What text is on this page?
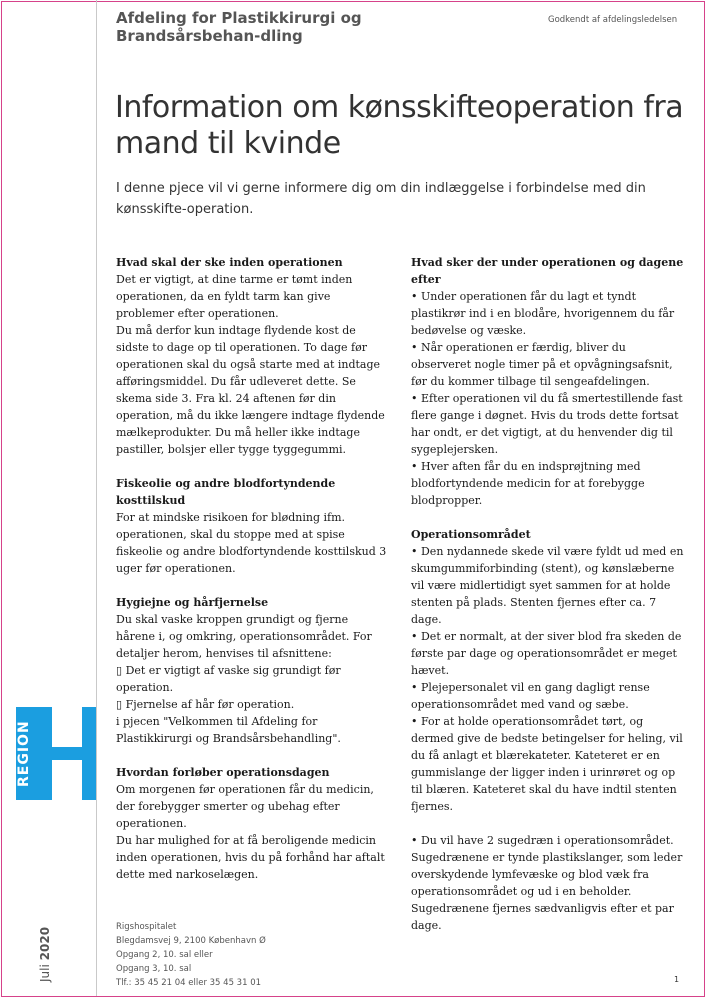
Afdeling for Plastikkirurgi og Brandsårsbehan-dling
Godkendt af afdelingsledelsen
Information om kønsskifteoperation fra mand til kvinde
I denne pjece vil vi gerne informere dig om din indlæggelse i forbindelse med din kønsskifte-operation.
Hvad skal der ske inden operationen
Det er vigtigt, at dine tarme er tømt inden operationen, da en fyldt tarm kan give problemer efter operationen.
Du må derfor kun indtage flydende kost de sidste to dage op til operationen. To dage før operationen skal du også starte med at indtage afføringsmiddel. Du får udleveret dette. Se skema side 3. Fra kl. 24 aftenen før din operation, må du ikke længere indtage flydende mælkeprodukter. Du må heller ikke indtage pastiller, bolsjer eller tygge tyggegummi.
Fiskeolie og andre blodfortyndende kosttilskud
For at mindske risikoen for blødning ifm. operationen, skal du stoppe med at spise fiskeolie og andre blodfortyndende kosttilskud 3 uger før operationen.
Hygiejne og hårfjernelse
Du skal vaske kroppen grundigt og fjerne hårene i, og omkring, operationsområdet. For detaljer herom, henvises til afsnittene:
▯ Det er vigtigt af vaske sig grundigt før operation.
▯ Fjernelse af hår før operation.
i pjecen "Velkommen til Afdeling for Plastikkirurgi og Brandsårsbehandling".
Hvordan forløber operationsdagen
Om morgenen før operationen får du medicin, der forebygger smerter og ubehag efter operationen.
Du har mulighed for at få beroligende medicin inden operationen, hvis du på forhånd har aftalt dette med narkoselægen.
Hvad sker der under operationen og dagene efter
• Under operationen får du lagt et tyndt plastikrør ind i en blodåre, hvorigennem du får bedøvelse og væske.
• Når operationen er færdig, bliver du observeret nogle timer på et opvågningsafsnit, før du kommer tilbage til sengeafdelingen.
• Efter operationen vil du få smertestillende fast flere gange i døgnet. Hvis du trods dette fortsat har ondt, er det vigtigt, at du henvender dig til sygeplejersken.
• Hver aften får du en indsprøjtning med blodfortyndende medicin for at forebygge blodpropper.
Operationsområdet
• Den nydannede skede vil være fyldt ud med en skumgummiforbinding (stent), og kønslæberne vil være midlertidigt syet sammen for at holde stenten på plads. Stenten fjernes efter ca. 7 dage.
• Det er normalt, at der siver blod fra skeden de første par dage og operationsområdet er meget hævet.
• Plejepersonalet vil en gang dagligt rense operationsområdet med vand og sæbe.
• For at holde operationsområdet tørt, og dermed give de bedste betingelser for heling, vil du få anlagt et blærekateter. Kateteret er en gummislange der ligger inden i urinrøret og op til blæren. Kateteret skal du have indtil stenten fjernes.
• Du vil have 2 sugedræn i operationsområdet. Sugedrænene er tynde plastikslanger, som leder overskydende lymfevæske og blod væk fra operationsområdet og ud i en beholder. Sugedrænene fjernes sædvanligvis efter et par dage.
REGION
Juli 2020	Rigshospitalet
Blegdamsvej 9, 2100 København Ø
Opgang 2, 10. sal eller
Opgang 3, 10. sal
Tlf.: 35 45 21 04 eller 35 45 31 01	1
